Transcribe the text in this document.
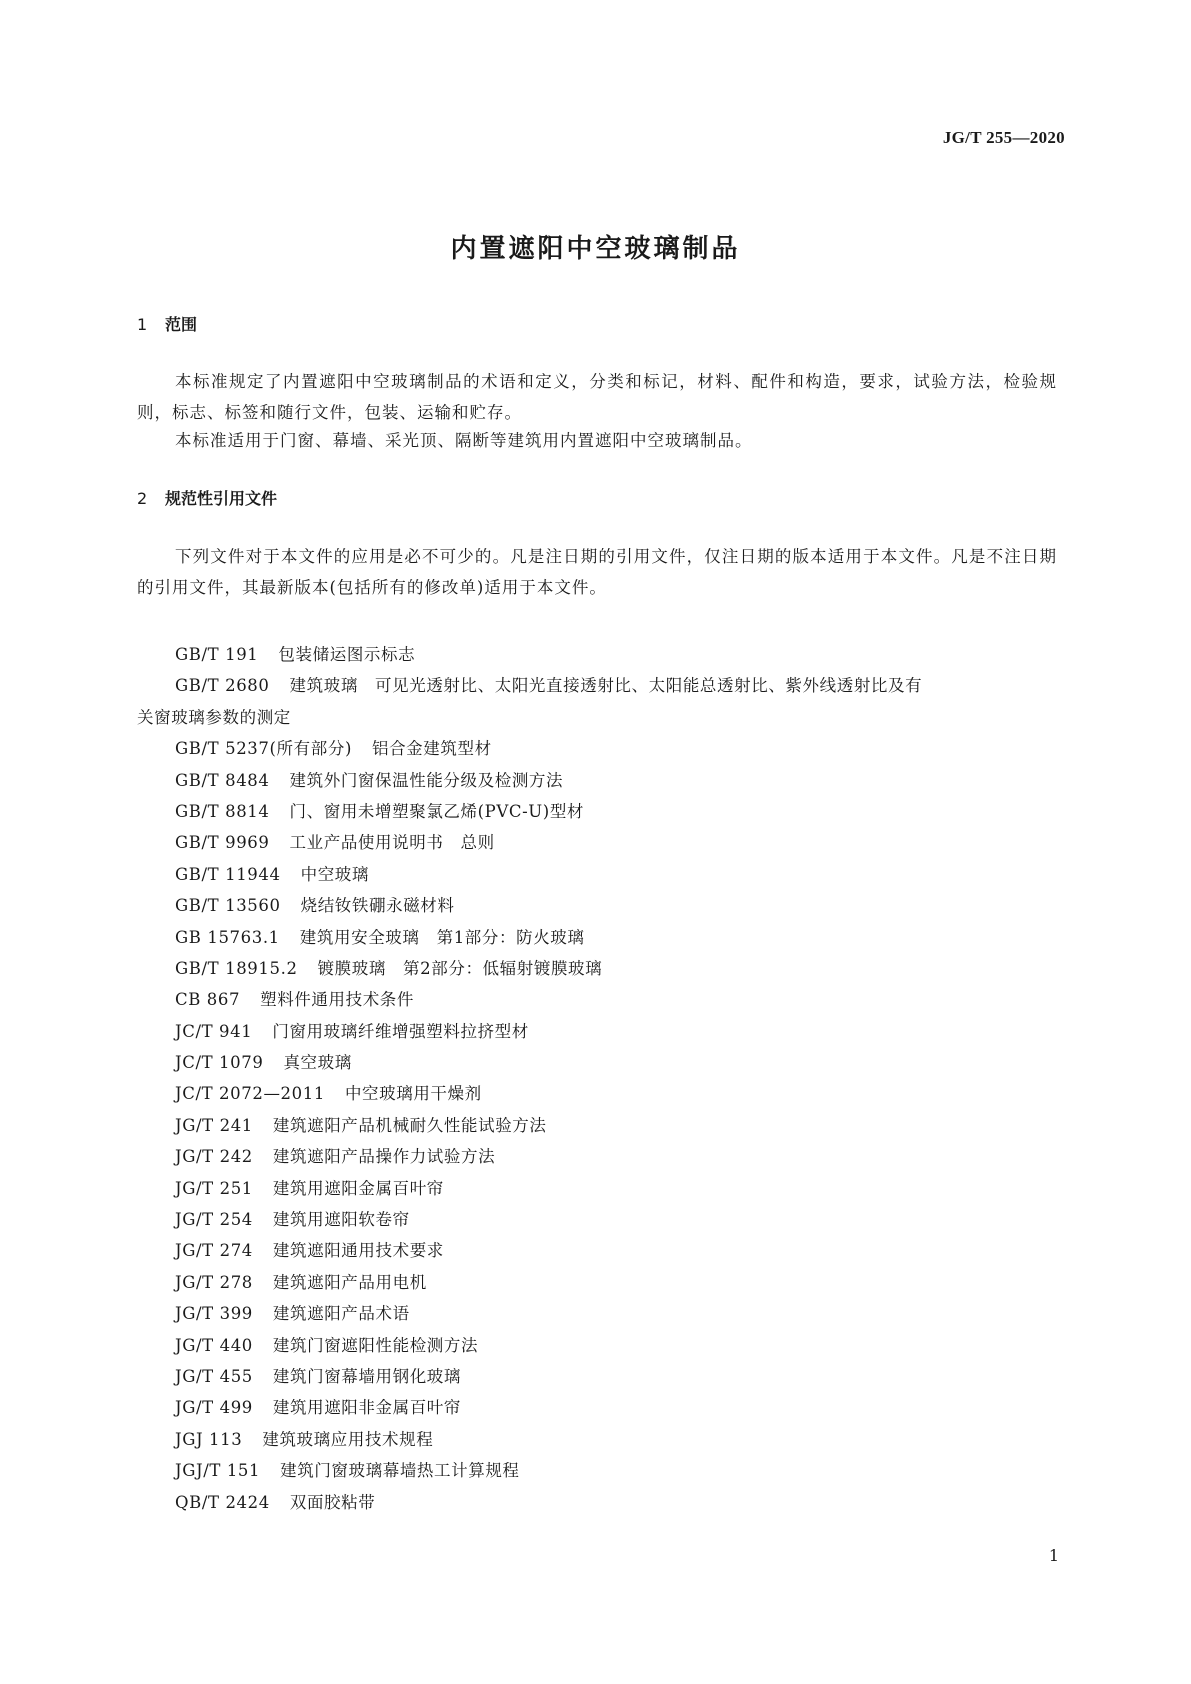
JG/T 255—2020
内置遮阳中空玻璃制品
1 范围

本标准规定了内置遮阳中空玻璃制品的术语和定义，分类和标记，材料、配件和构造，要求，试验方法，检验规则，标志、标签和随行文件，包装、运输和贮存。

本标准适用于门窗、幕墙、采光顶、隔断等建筑用内置遮阳中空玻璃制品。

2 规范性引用文件

下列文件对于本文件的应用是必不可少的。凡是注日期的引用文件，仅注日期的版本适用于本文件。凡是不注日期的引用文件，其最新版本(包括所有的修改单)适用于本文件。

GB/T 191 包装储运图示标志
GB/T 2680 建筑玻璃　可见光透射比、太阳光直接透射比、太阳能总透射比、紫外线透射比及有
关窗玻璃参数的测定
GB/T 5237(所有部分) 铝合金建筑型材
GB/T 8484 建筑外门窗保温性能分级及检测方法
GB/T 8814 门、窗用未增塑聚氯乙烯(PVC-U)型材
GB/T 9969 工业产品使用说明书　总则
GB/T 11944 中空玻璃
GB/T 13560 烧结钕铁硼永磁材料
GB 15763.1 建筑用安全玻璃　第1部分：防火玻璃
GB/T 18915.2 镀膜玻璃　第2部分：低辐射镀膜玻璃
CB 867 塑料件通用技术条件
JC/T 941 门窗用玻璃纤维增强塑料拉挤型材
JC/T 1079 真空玻璃
JC/T 2072—2011 中空玻璃用干燥剂
JG/T 241 建筑遮阳产品机械耐久性能试验方法
JG/T 242 建筑遮阳产品操作力试验方法
JG/T 251 建筑用遮阳金属百叶帘
JG/T 254 建筑用遮阳软卷帘
JG/T 274 建筑遮阳通用技术要求
JG/T 278 建筑遮阳产品用电机
JG/T 399 建筑遮阳产品术语
JG/T 440 建筑门窗遮阳性能检测方法
JG/T 455 建筑门窗幕墙用钢化玻璃
JG/T 499 建筑用遮阳非金属百叶帘
JGJ 113 建筑玻璃应用技术规程
JGJ/T 151 建筑门窗玻璃幕墙热工计算规程
QB/T 2424 双面胶粘带
1
